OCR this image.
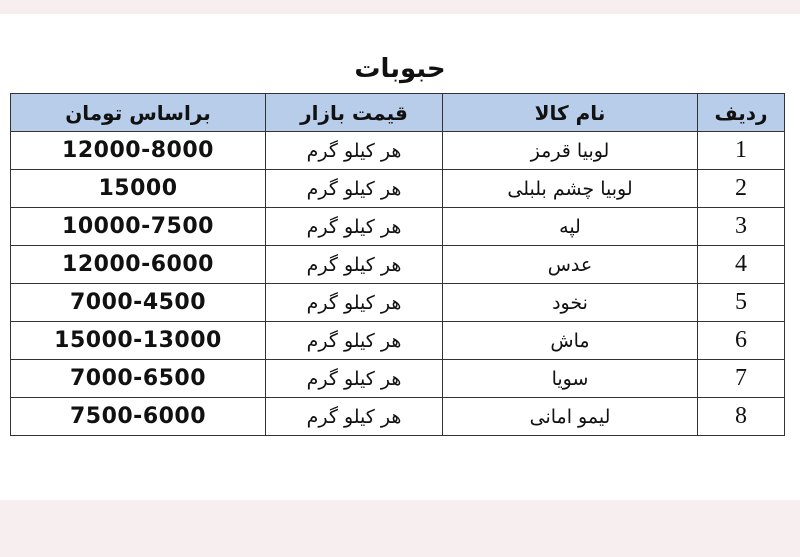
حبوبات
ردیف	نام کالا	قیمت بازار	براساس تومان
1	لوبیا قرمز	هر کیلو گرم	12000-8000
2	لوبیا چشم بلبلی	هر کیلو گرم	15000
3	لپه	هر کیلو گرم	10000-7500
4	عدس	هر کیلو گرم	12000-6000
5	نخود	هر کیلو گرم	7000-4500
6	ماش	هر کیلو گرم	15000-13000
7	سویا	هر کیلو گرم	7000-6500
8	لیمو امانی	هر کیلو گرم	7500-6000
